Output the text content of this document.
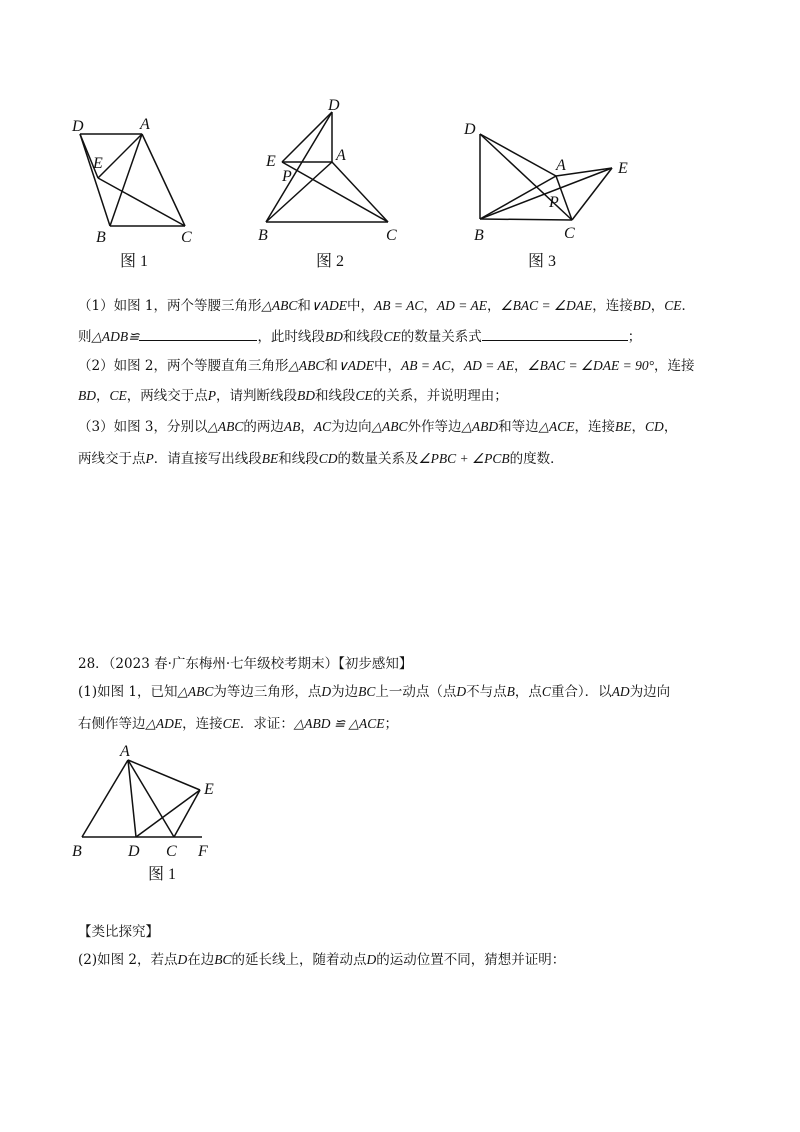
D	A
E
B	C
图 1
D
A
E
P
B	C
图 2
D
A	E
P
B	C
图 3
（1）如图 1，两个等腰三角形△ABC和∨ADE中，AB = AC，AD = AE，∠BAC = ∠DAE，连接BD，CE．
则△ADB≌	，此时线段BD和线段CE的数量关系式	；
（2）如图 2，两个等腰直角三角形△ABC和∨ADE中，AB = AC，AD = AE，∠BAC = ∠DAE = 90°，连接
BD，CE，两线交于点P，请判断线段BD和线段CE的关系，并说明理由；
（3）如图 3，分别以△ABC的两边AB，AC为边向△ABC外作等边△ABD和等边△ACE，连接BE，CD，
两线交于点P．请直接写出线段BE和线段CD的数量关系及∠PBC + ∠PCB的度数．
28．（2023 春·广东梅州·七年级校考期末）【初步感知】
(1)如图 1，已知△ABC为等边三角形，点D为边BC上一动点（点D不与点B，点C重合）．以AD为边向
右侧作等边△ADE，连接CE．求证：△ABD ≌ △ACE；
A
E
B	D C F
图 1
【类比探究】
(2)如图 2，若点D在边BC的延长线上，随着动点D的运动位置不同，猜想并证明：
